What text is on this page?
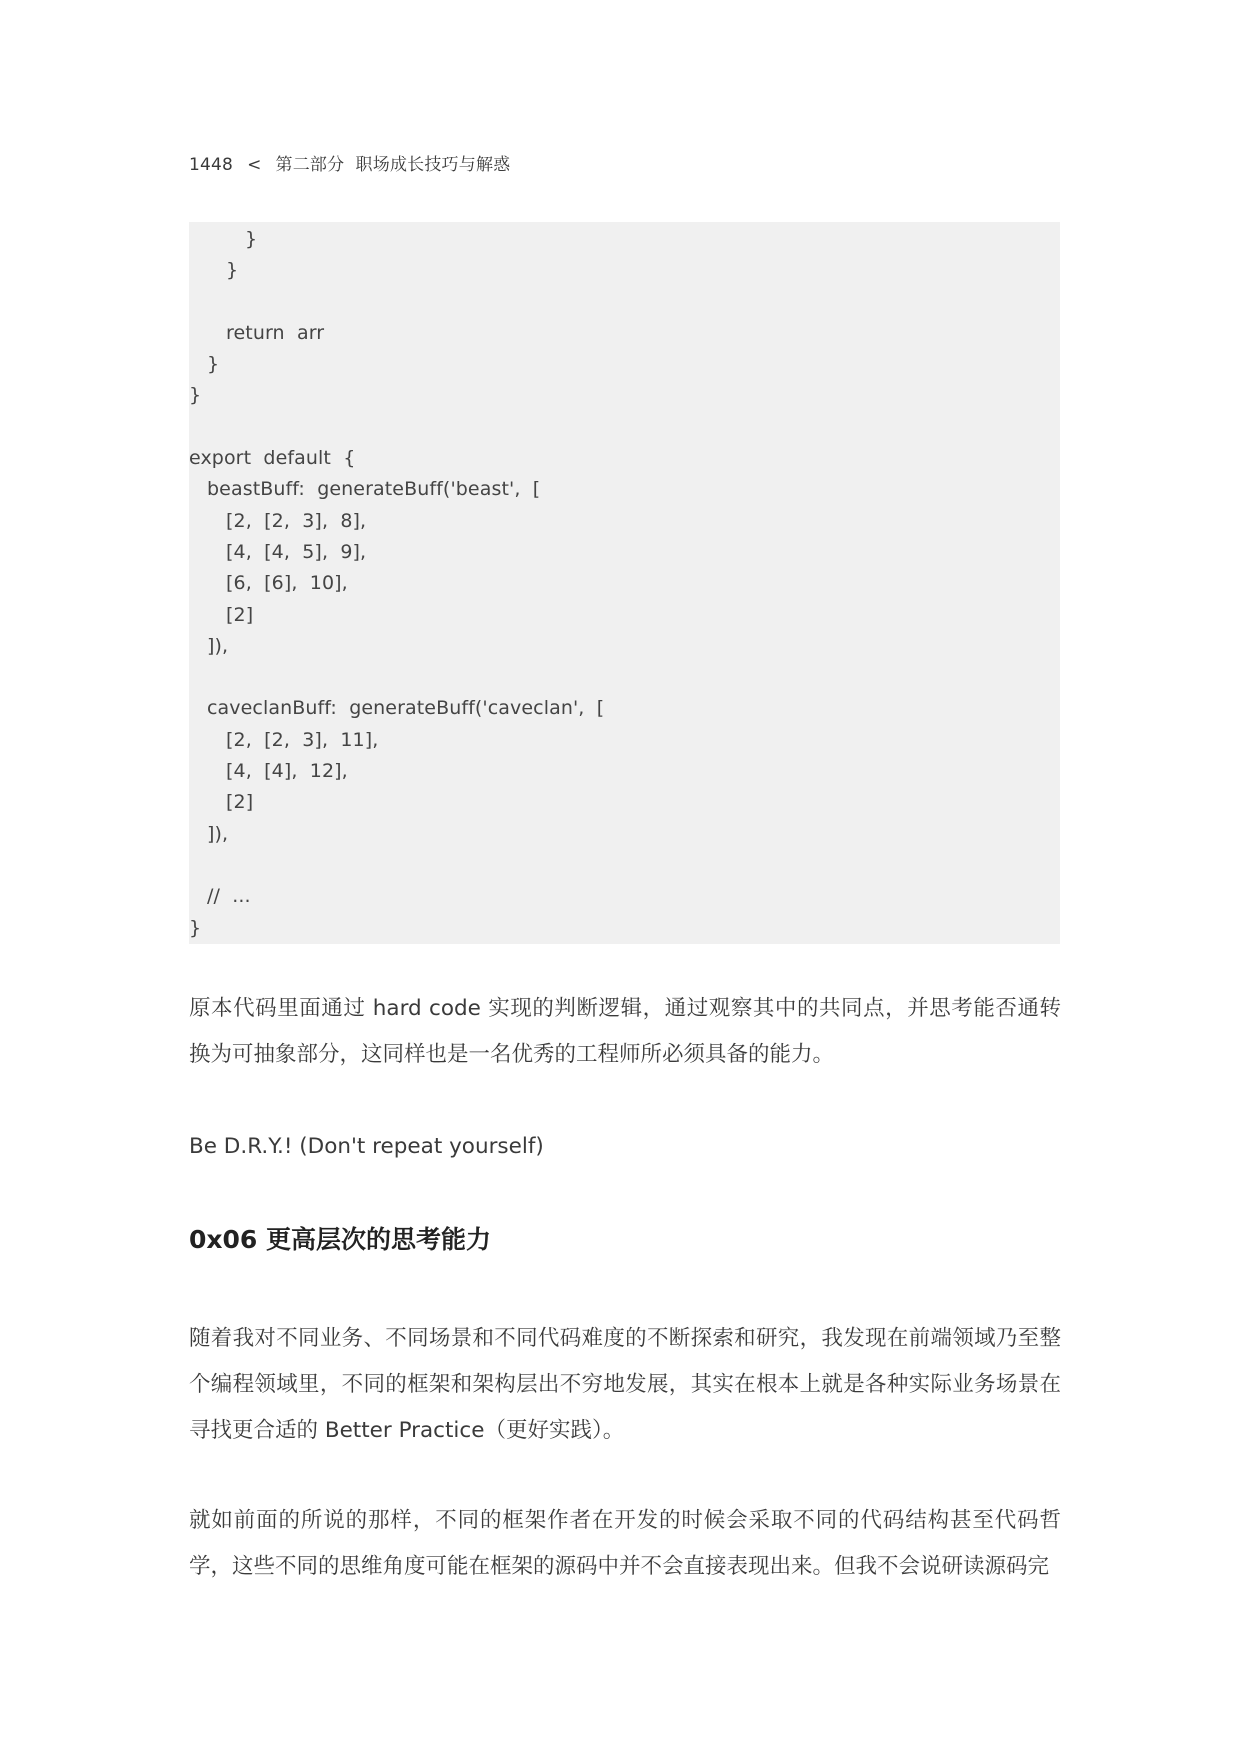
1448 < 第二部分  职场成长技巧与解惑
}
}
return  arr
}
}
export  default  {
beastBuff:  generateBuff('beast',  [
[2,  [2,  3],  8],
[4,  [4,  5],  9],
[6,  [6],  10],
[2]
]),
caveclanBuff:  generateBuff('caveclan',  [
[2,  [2,  3],  11],
[4,  [4],  12],
[2]
]),
//  ...
}

原本代码里面通过 hard code 实现的判断逻辑，通过观察其中的共同点，并思考能否通转换为可抽象部分，这同样也是一名优秀的工程师所必须具备的能力。

Be D.R.Y.! (Don't repeat yourself)

0x06 更高层次的思考能力

随着我对不同业务、不同场景和不同代码难度的不断探索和研究，我发现在前端领域乃至整个编程领域里，不同的框架和架构层出不穷地发展，其实在根本上就是各种实际业务场景在寻找更合适的 Better Practice（更好实践）。

就如前面的所说的那样，不同的框架作者在开发的时候会采取不同的代码结构甚至代码哲学，这些不同的思维角度可能在框架的源码中并不会直接表现出来。但我不会说研读源码完
